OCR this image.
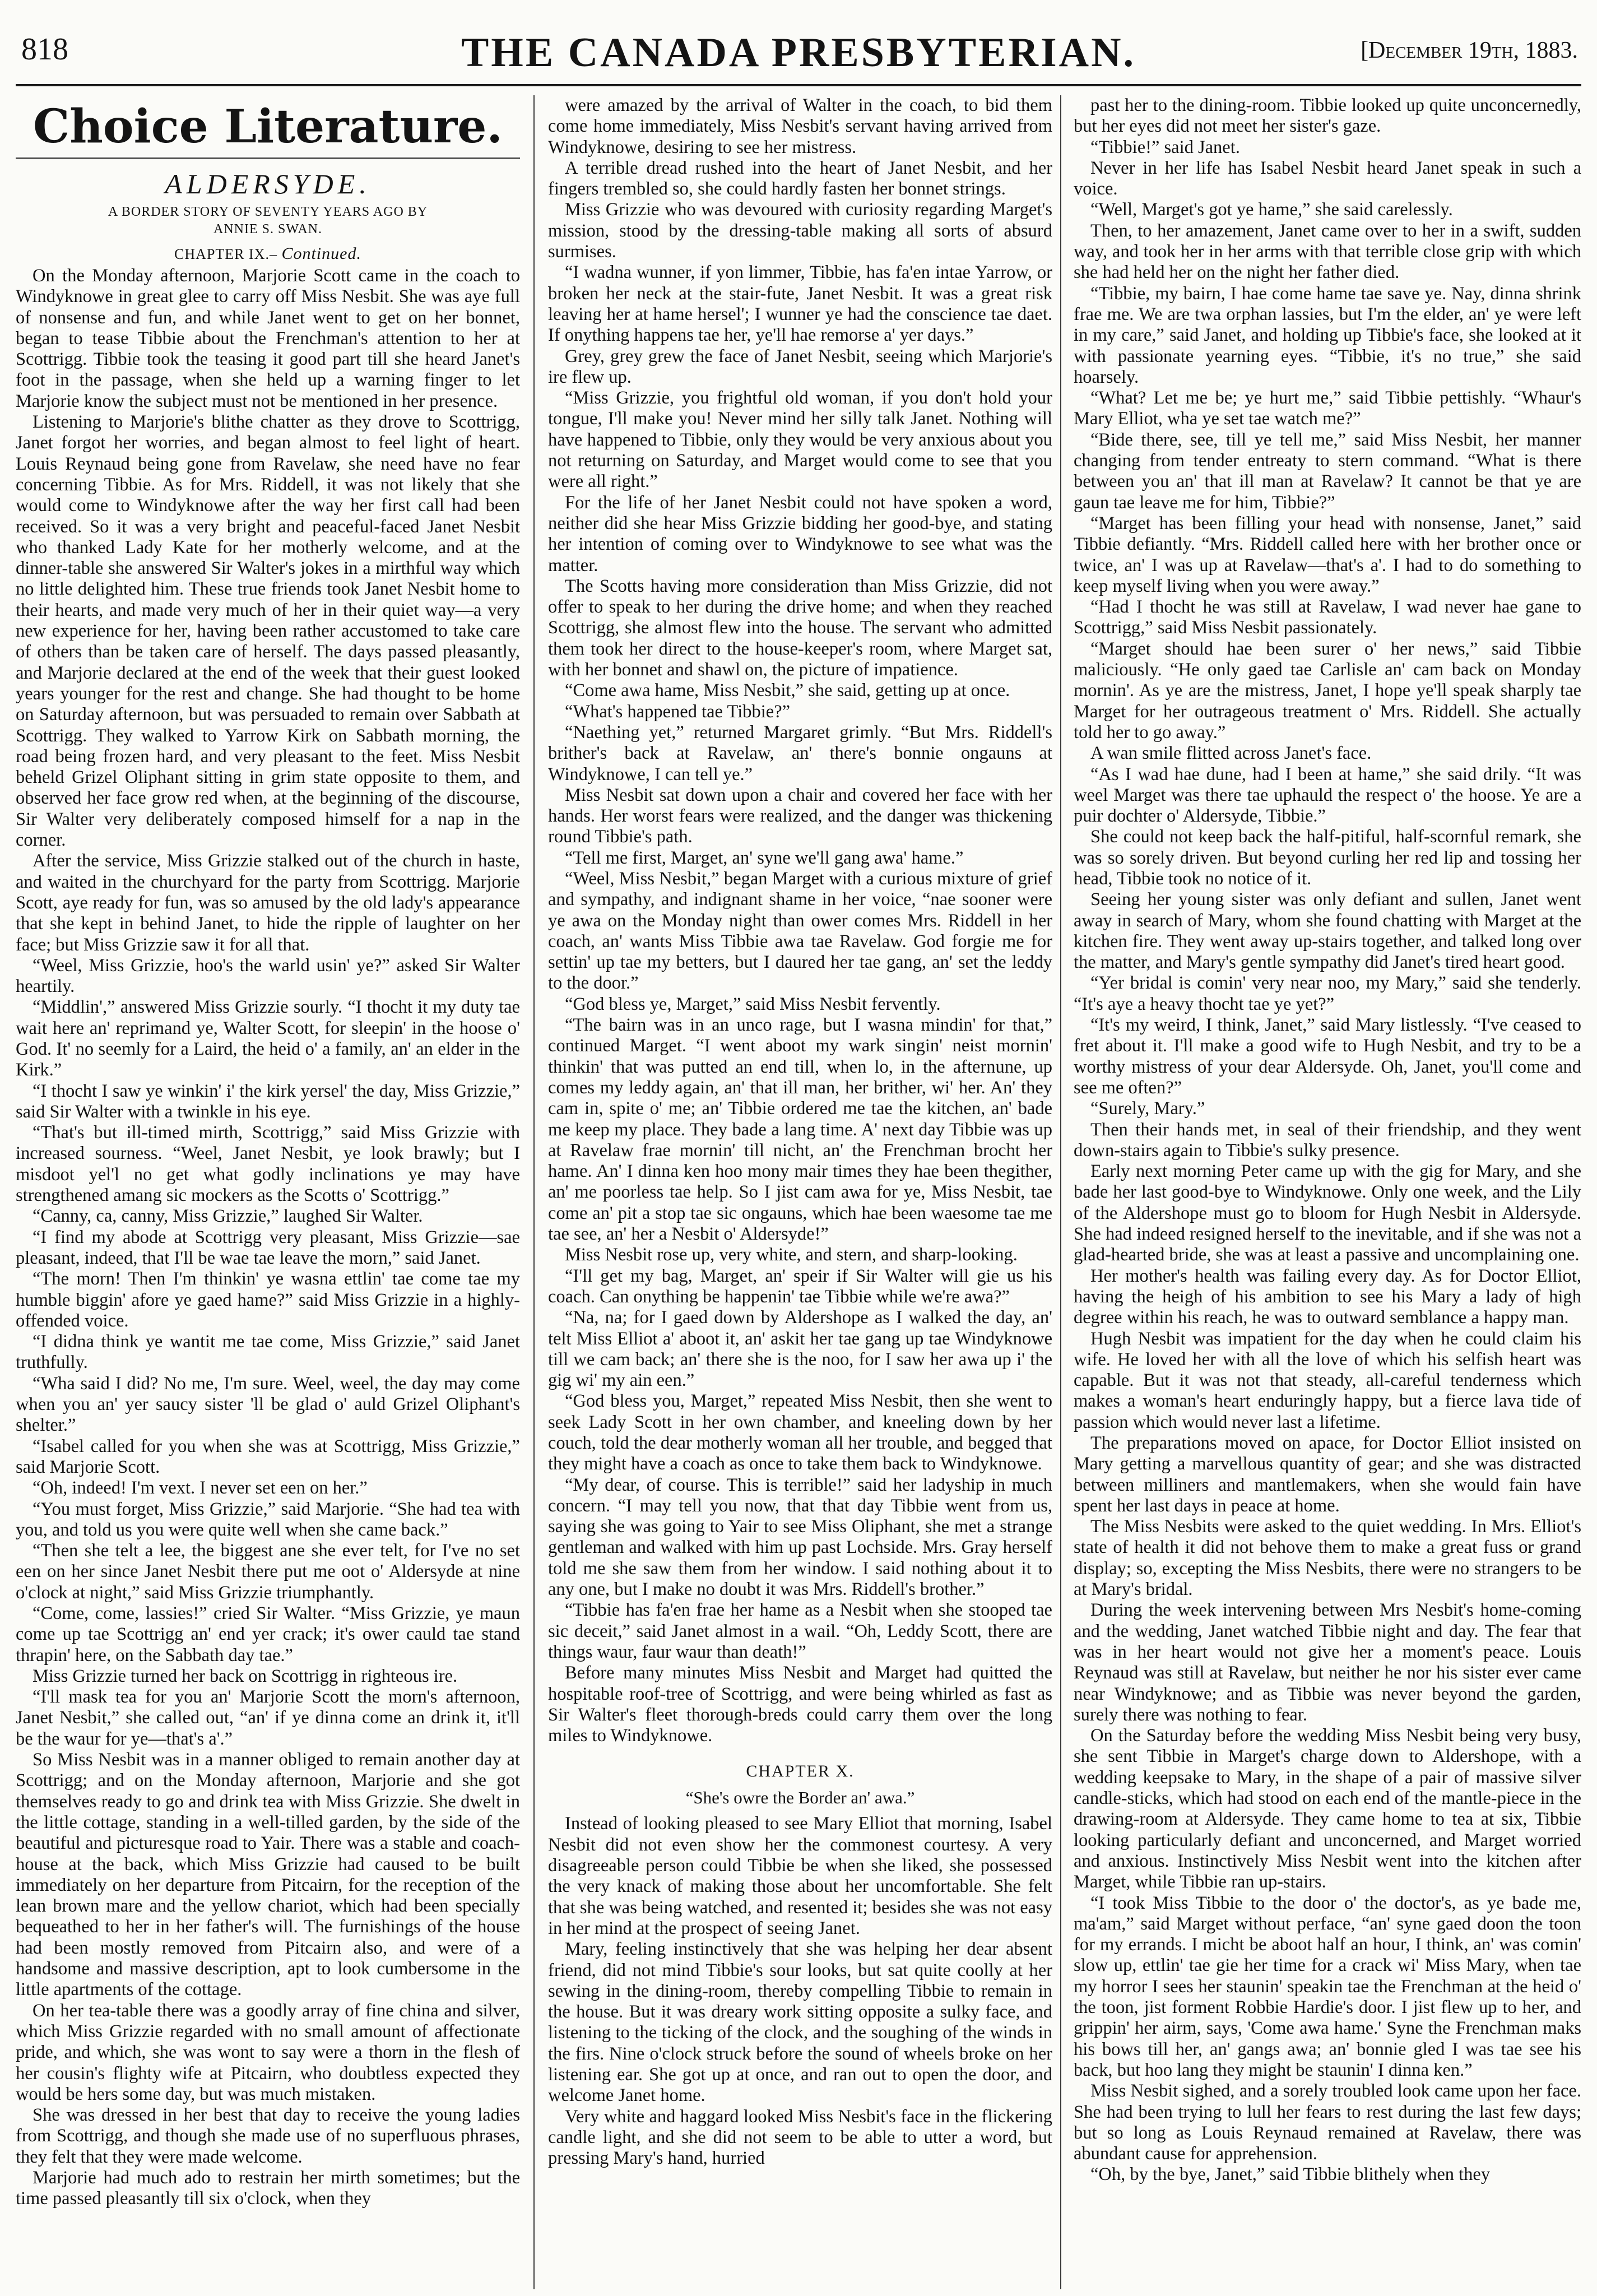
818	THE CANADA PRESBYTERIAN.	[December 19th, 1883.
Choice Literature.
ALDERSYDE.
A BORDER STORY OF SEVENTY YEARS AGO BY
ANNIE S. SWAN.
CHAPTER IX.– Continued.

On the Monday afternoon, Marjorie Scott came in the coach to Windyknowe in great glee to carry off Miss Nesbit. She was aye full of nonsense and fun, and while Janet went to get on her bonnet, began to tease Tibbie about the Frenchman's attention to her at Scottrigg. Tibbie took the teasing it good part till she heard Janet's foot in the passage, when she held up a warning finger to let Marjorie know the subject must not be mentioned in her presence.

Listening to Marjorie's blithe chatter as they drove to Scottrigg, Janet forgot her worries, and began almost to feel light of heart. Louis Reynaud being gone from Ravelaw, she need have no fear concerning Tibbie. As for Mrs. Riddell, it was not likely that she would come to Windyknowe after the way her first call had been received. So it was a very bright and peaceful-faced Janet Nesbit who thanked Lady Kate for her motherly welcome, and at the dinner-table she answered Sir Walter's jokes in a mirthful way which no little delighted him. These true friends took Janet Nesbit home to their hearts, and made very much of her in their quiet way—a very new experience for her, having been rather accustomed to take care of others than be taken care of herself. The days passed pleasantly, and Marjorie declared at the end of the week that their guest looked years younger for the rest and change. She had thought to be home on Saturday afternoon, but was persuaded to remain over Sabbath at Scottrigg. They walked to Yarrow Kirk on Sabbath morning, the road being frozen hard, and very pleasant to the feet. Miss Nesbit beheld Grizel Oliphant sitting in grim state opposite to them, and observed her face grow red when, at the beginning of the discourse, Sir Walter very deliberately composed himself for a nap in the corner.

After the service, Miss Grizzie stalked out of the church in haste, and waited in the churchyard for the party from Scottrigg. Marjorie Scott, aye ready for fun, was so amused by the old lady's appearance that she kept in behind Janet, to hide the ripple of laughter on her face; but Miss Grizzie saw it for all that.

“Weel, Miss Grizzie, hoo's the warld usin' ye?” asked Sir Walter heartily.

“Middlin',” answered Miss Grizzie sourly. “I thocht it my duty tae wait here an' reprimand ye, Walter Scott, for sleepin' in the hoose o' God. It' no seemly for a Laird, the heid o' a family, an' an elder in the Kirk.”

“I thocht I saw ye winkin' i' the kirk yersel' the day, Miss Grizzie,” said Sir Walter with a twinkle in his eye.

“That's but ill-timed mirth, Scottrigg,” said Miss Grizzie with increased sourness. “Weel, Janet Nesbit, ye look brawly; but I misdoot yel'l no get what godly inclinations ye may have strengthened amang sic mockers as the Scotts o' Scottrigg.”

“Canny, ca, canny, Miss Grizzie,” laughed Sir Walter.

“I find my abode at Scottrigg very pleasant, Miss Grizzie—sae pleasant, indeed, that I'll be wae tae leave the morn,” said Janet.

“The morn! Then I'm thinkin' ye wasna ettlin' tae come tae my humble biggin' afore ye gaed hame?” said Miss Grizzie in a highly-offended voice.

“I didna think ye wantit me tae come, Miss Grizzie,” said Janet truthfully.

“Wha said I did? No me, I'm sure. Weel, weel, the day may come when you an' yer saucy sister 'll be glad o' auld Grizel Oliphant's shelter.”

“Isabel called for you when she was at Scottrigg, Miss Grizzie,” said Marjorie Scott.

“Oh, indeed! I'm vext. I never set een on her.”

“You must forget, Miss Grizzie,” said Marjorie. “She had tea with you, and told us you were quite well when she came back.”

“Then she telt a lee, the biggest ane she ever telt, for I've no set een on her since Janet Nesbit there put me oot o' Aldersyde at nine o'clock at night,” said Miss Grizzie triumphantly.

“Come, come, lassies!” cried Sir Walter. “Miss Grizzie, ye maun come up tae Scottrigg an' end yer crack; it's ower cauld tae stand thrapin' here, on the Sabbath day tae.”

Miss Grizzie turned her back on Scottrigg in righteous ire.

“I'll mask tea for you an' Marjorie Scott the morn's afternoon, Janet Nesbit,” she called out, “an' if ye dinna come an drink it, it'll be the waur for ye—that's a'.”

So Miss Nesbit was in a manner obliged to remain another day at Scottrigg; and on the Monday afternoon, Marjorie and she got themselves ready to go and drink tea with Miss Grizzie. She dwelt in the little cottage, standing in a well-tilled garden, by the side of the beautiful and picturesque road to Yair. There was a stable and coach-house at the back, which Miss Grizzie had caused to be built immediately on her departure from Pitcairn, for the reception of the lean brown mare and the yellow chariot, which had been specially bequeathed to her in her father's will. The furnishings of the house had been mostly removed from Pitcairn also, and were of a handsome and massive description, apt to look cumbersome in the little apartments of the cottage.

On her tea-table there was a goodly array of fine china and silver, which Miss Grizzie regarded with no small amount of affectionate pride, and which, she was wont to say were a thorn in the flesh of her cousin's flighty wife at Pitcairn, who doubtless expected they would be hers some day, but was much mistaken.

She was dressed in her best that day to receive the young ladies from Scottrigg, and though she made use of no superfluous phrases, they felt that they were made welcome.

Marjorie had much ado to restrain her mirth sometimes; but the time passed pleasantly till six o'clock, when they

were amazed by the arrival of Walter in the coach, to bid them come home immediately, Miss Nesbit's servant having arrived from Windyknowe, desiring to see her mistress.

A terrible dread rushed into the heart of Janet Nesbit, and her fingers trembled so, she could hardly fasten her bonnet strings.

Miss Grizzie who was devoured with curiosity regarding Marget's mission, stood by the dressing-table making all sorts of absurd surmises.

“I wadna wunner, if yon limmer, Tibbie, has fa'en intae Yarrow, or broken her neck at the stair-fute, Janet Nesbit. It was a great risk leaving her at hame hersel'; I wunner ye had the conscience tae daet. If onything happens tae her, ye'll hae remorse a' yer days.”

Grey, grey grew the face of Janet Nesbit, seeing which Marjorie's ire flew up.

“Miss Grizzie, you frightful old woman, if you don't hold your tongue, I'll make you! Never mind her silly talk Janet. Nothing will have happened to Tibbie, only they would be very anxious about you not returning on Saturday, and Marget would come to see that you were all right.”

For the life of her Janet Nesbit could not have spoken a word, neither did she hear Miss Grizzie bidding her good-bye, and stating her intention of coming over to Windyknowe to see what was the matter.

The Scotts having more consideration than Miss Grizzie, did not offer to speak to her during the drive home; and when they reached Scottrigg, she almost flew into the house. The servant who admitted them took her direct to the house-keeper's room, where Marget sat, with her bonnet and shawl on, the picture of impatience.

“Come awa hame, Miss Nesbit,” she said, getting up at once.

“What's happened tae Tibbie?”

“Naething yet,” returned Margaret grimly. “But Mrs. Riddell's brither's back at Ravelaw, an' there's bonnie ongauns at Windyknowe, I can tell ye.”

Miss Nesbit sat down upon a chair and covered her face with her hands. Her worst fears were realized, and the danger was thickening round Tibbie's path.

“Tell me first, Marget, an' syne we'll gang awa' hame.”

“Weel, Miss Nesbit,” began Marget with a curious mixture of grief and sympathy, and indignant shame in her voice, “nae sooner were ye awa on the Monday night than ower comes Mrs. Riddell in her coach, an' wants Miss Tibbie awa tae Ravelaw. God forgie me for settin' up tae my betters, but I daured her tae gang, an' set the leddy to the door.”

“God bless ye, Marget,” said Miss Nesbit fervently.

“The bairn was in an unco rage, but I wasna mindin' for that,” continued Marget. “I went aboot my wark singin' neist mornin' thinkin' that was putted an end till, when lo, in the afternune, up comes my leddy again, an' that ill man, her brither, wi' her. An' they cam in, spite o' me; an' Tibbie ordered me tae the kitchen, an' bade me keep my place. They bade a lang time. A' next day Tibbie was up at Ravelaw frae mornin' till nicht, an' the Frenchman brocht her hame. An' I dinna ken hoo mony mair times they hae been thegither, an' me poorless tae help. So I jist cam awa for ye, Miss Nesbit, tae come an' pit a stop tae sic ongauns, which hae been waesome tae me tae see, an' her a Nesbit o' Aldersyde!”

Miss Nesbit rose up, very white, and stern, and sharp-looking.

“I'll get my bag, Marget, an' speir if Sir Walter will gie us his coach. Can onything be happenin' tae Tibbie while we're awa?”

“Na, na; for I gaed down by Aldershope as I walked the day, an' telt Miss Elliot a' aboot it, an' askit her tae gang up tae Windyknowe till we cam back; an' there she is the noo, for I saw her awa up i' the gig wi' my ain een.”

“God bless you, Marget,” repeated Miss Nesbit, then she went to seek Lady Scott in her own chamber, and kneeling down by her couch, told the dear motherly woman all her trouble, and begged that they might have a coach as once to take them back to Windyknowe.

“My dear, of course. This is terrible!” said her ladyship in much concern. “I may tell you now, that that day Tibbie went from us, saying she was going to Yair to see Miss Oliphant, she met a strange gentleman and walked with him up past Lochside. Mrs. Gray herself told me she saw them from her window. I said nothing about it to any one, but I make no doubt it was Mrs. Riddell's brother.”

“Tibbie has fa'en frae her hame as a Nesbit when she stooped tae sic deceit,” said Janet almost in a wail. “Oh, Leddy Scott, there are things waur, faur waur than death!”

Before many minutes Miss Nesbit and Marget had quitted the hospitable roof-tree of Scottrigg, and were being whirled as fast as Sir Walter's fleet thorough-breds could carry them over the long miles to Windyknowe.

CHAPTER X.
“She's owre the Border an' awa.”

Instead of looking pleased to see Mary Elliot that morning, Isabel Nesbit did not even show her the commonest courtesy. A very disagreeable person could Tibbie be when she liked, she possessed the very knack of making those about her uncomfortable. She felt that she was being watched, and resented it; besides she was not easy in her mind at the prospect of seeing Janet.

Mary, feeling instinctively that she was helping her dear absent friend, did not mind Tibbie's sour looks, but sat quite coolly at her sewing in the dining-room, thereby compelling Tibbie to remain in the house. But it was dreary work sitting opposite a sulky face, and listening to the ticking of the clock, and the soughing of the winds in the firs. Nine o'clock struck before the sound of wheels broke on her listening ear. She got up at once, and ran out to open the door, and welcome Janet home.

Very white and haggard looked Miss Nesbit's face in the flickering candle light, and she did not seem to be able to utter a word, but pressing Mary's hand, hurried

past her to the dining-room. Tibbie looked up quite unconcernedly, but her eyes did not meet her sister's gaze.

“Tibbie!” said Janet.

Never in her life has Isabel Nesbit heard Janet speak in such a voice.

“Well, Marget's got ye hame,” she said carelessly.

Then, to her amazement, Janet came over to her in a swift, sudden way, and took her in her arms with that terrible close grip with which she had held her on the night her father died.

“Tibbie, my bairn, I hae come hame tae save ye. Nay, dinna shrink frae me. We are twa orphan lassies, but I'm the elder, an' ye were left in my care,” said Janet, and holding up Tibbie's face, she looked at it with passionate yearning eyes. “Tibbie, it's no true,” she said hoarsely.

“What? Let me be; ye hurt me,” said Tibbie pettishly. “Whaur's Mary Elliot, wha ye set tae watch me?”

“Bide there, see, till ye tell me,” said Miss Nesbit, her manner changing from tender entreaty to stern command. “What is there between you an' that ill man at Ravelaw? It cannot be that ye are gaun tae leave me for him, Tibbie?”

“Marget has been filling your head with nonsense, Janet,” said Tibbie defiantly. “Mrs. Riddell called here with her brother once or twice, an' I was up at Ravelaw—that's a'. I had to do something to keep myself living when you were away.”

“Had I thocht he was still at Ravelaw, I wad never hae gane to Scottrigg,” said Miss Nesbit passionately.

“Marget should hae been surer o' her news,” said Tibbie maliciously. “He only gaed tae Carlisle an' cam back on Monday mornin'. As ye are the mistress, Janet, I hope ye'll speak sharply tae Marget for her outrageous treatment o' Mrs. Riddell. She actually told her to go away.”

A wan smile flitted across Janet's face.

“As I wad hae dune, had I been at hame,” she said drily. “It was weel Marget was there tae uphauld the respect o' the hoose. Ye are a puir dochter o' Aldersyde, Tibbie.”

She could not keep back the half-pitiful, half-scornful remark, she was so sorely driven. But beyond curling her red lip and tossing her head, Tibbie took no notice of it.

Seeing her young sister was only defiant and sullen, Janet went away in search of Mary, whom she found chatting with Marget at the kitchen fire. They went away up-stairs together, and talked long over the matter, and Mary's gentle sympathy did Janet's tired heart good.

“Yer bridal is comin' very near noo, my Mary,” said she tenderly. “It's aye a heavy thocht tae ye yet?”

“It's my weird, I think, Janet,” said Mary listlessly. “I've ceased to fret about it. I'll make a good wife to Hugh Nesbit, and try to be a worthy mistress of your dear Aldersyde. Oh, Janet, you'll come and see me often?”

“Surely, Mary.”

Then their hands met, in seal of their friendship, and they went down-stairs again to Tibbie's sulky presence.

Early next morning Peter came up with the gig for Mary, and she bade her last good-bye to Windyknowe. Only one week, and the Lily of the Aldershope must go to bloom for Hugh Nesbit in Aldersyde. She had indeed resigned herself to the inevitable, and if she was not a glad-hearted bride, she was at least a passive and uncomplaining one.

Her mother's health was failing every day. As for Doctor Elliot, having the heigh of his ambition to see his Mary a lady of high degree within his reach, he was to outward semblance a happy man.

Hugh Nesbit was impatient for the day when he could claim his wife. He loved her with all the love of which his selfish heart was capable. But it was not that steady, all-careful tenderness which makes a woman's heart enduringly happy, but a fierce lava tide of passion which would never last a lifetime.

The preparations moved on apace, for Doctor Elliot insisted on Mary getting a marvellous quantity of gear; and she was distracted between milliners and mantlemakers, when she would fain have spent her last days in peace at home.

The Miss Nesbits were asked to the quiet wedding. In Mrs. Elliot's state of health it did not behove them to make a great fuss or grand display; so, excepting the Miss Nesbits, there were no strangers to be at Mary's bridal.

During the week intervening between Mrs Nesbit's home-coming and the wedding, Janet watched Tibbie night and day. The fear that was in her heart would not give her a moment's peace. Louis Reynaud was still at Ravelaw, but neither he nor his sister ever came near Windyknowe; and as Tibbie was never beyond the garden, surely there was nothing to fear.

On the Saturday before the wedding Miss Nesbit being very busy, she sent Tibbie in Marget's charge down to Aldershope, with a wedding keepsake to Mary, in the shape of a pair of massive silver candle-sticks, which had stood on each end of the mantle-piece in the drawing-room at Aldersyde. They came home to tea at six, Tibbie looking particularly defiant and unconcerned, and Marget worried and anxious. Instinctively Miss Nesbit went into the kitchen after Marget, while Tibbie ran up-stairs.

“I took Miss Tibbie to the door o' the doctor's, as ye bade me, ma'am,” said Marget without perface, “an' syne gaed doon the toon for my errands. I micht be aboot half an hour, I think, an' was comin' slow up, ettlin' tae gie her time for a crack wi' Miss Mary, when tae my horror I sees her staunin' speakin tae the Frenchman at the heid o' the toon, jist forment Robbie Hardie's door. I jist flew up to her, and grippin' her airm, says, 'Come awa hame.' Syne the Frenchman maks his bows till her, an' gangs awa; an' bonnie gled I was tae see his back, but hoo lang they might be staunin' I dinna ken.”

Miss Nesbit sighed, and a sorely troubled look came upon her face. She had been trying to lull her fears to rest during the last few days; but so long as Louis Reynaud remained at Ravelaw, there was abundant cause for apprehension.

“Oh, by the bye, Janet,” said Tibbie blithely when they
